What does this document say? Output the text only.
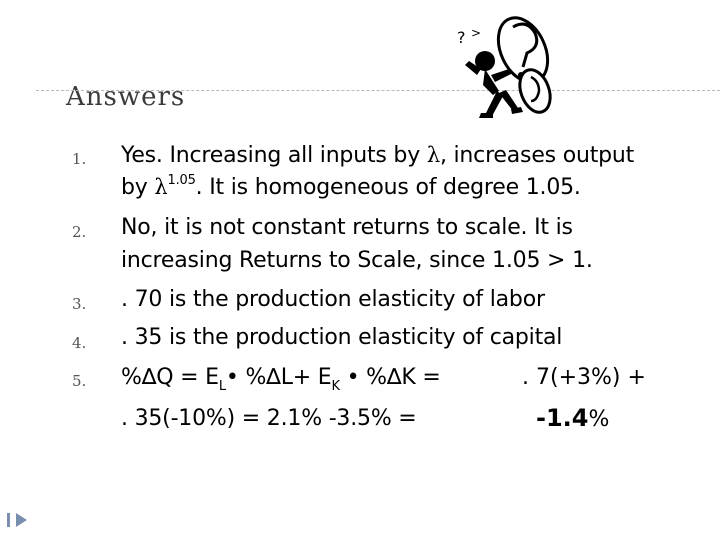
Answers
? >
1. Yes. Increasing all inputs by λ, increases output
by $\lambda^{1.05}$. It is homogeneous of degree 1.05.
2. No, it is not constant returns to scale. It is
increasing Returns to Scale, since 1.05 > 1.
3. . 70 is the production elasticity of labor
4. . 35 is the production elasticity of capital
5. $\%\Delta Q = E_L•$ $\%\Delta L+ E_K$ • %∆K =	. 7(+3%) +
. 35(-10%) = 2.1% -3.5% =	-1.4%
